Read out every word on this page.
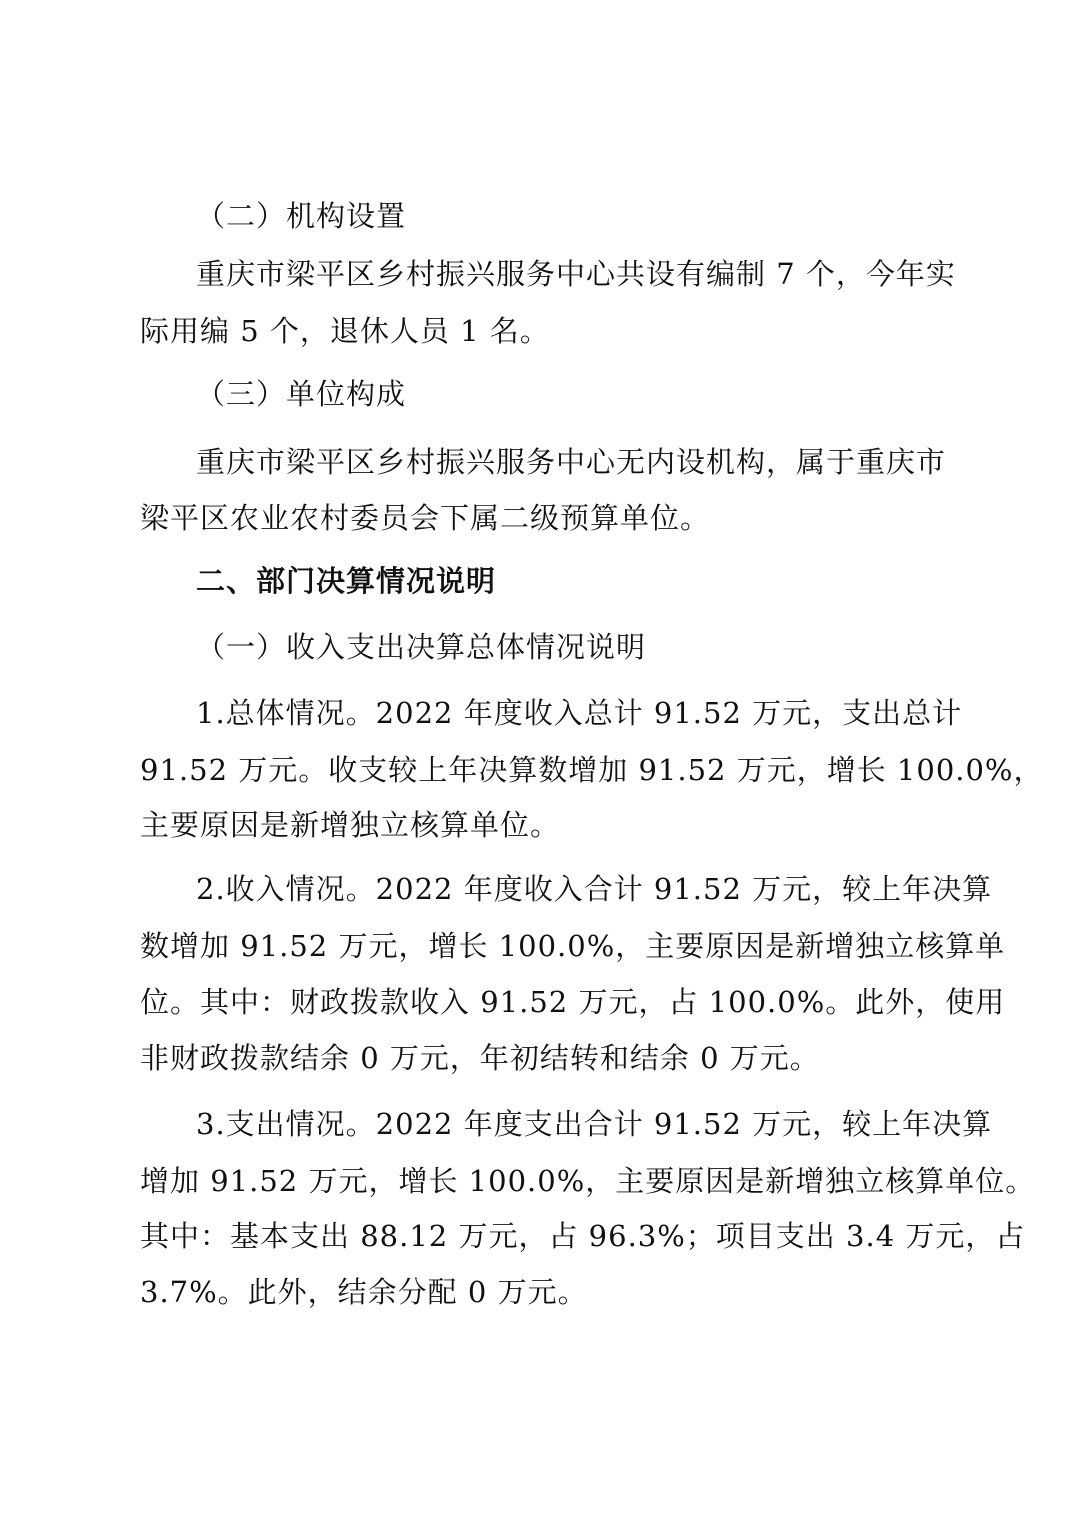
（二）机构设置

重庆市梁平区乡村振兴服务中心共设有编制 7 个，今年实

际用编 5 个，退休人员 1 名。

（三）单位构成

重庆市梁平区乡村振兴服务中心无内设机构，属于重庆市

梁平区农业农村委员会下属二级预算单位。

二、部门决算情况说明

（一）收入支出决算总体情况说明

1.总体情况。2022 年度收入总计 91.52 万元，支出总计

91.52 万元。收支较上年决算数增加 91.52 万元，增长 100.0%，

主要原因是新增独立核算单位。

2.收入情况。2022 年度收入合计 91.52 万元，较上年决算

数增加 91.52 万元，增长 100.0%，主要原因是新增独立核算单

位。其中：财政拨款收入 91.52 万元，占 100.0%。此外，使用

非财政拨款结余 0 万元，年初结转和结余 0 万元。

3.支出情况。2022 年度支出合计 91.52 万元，较上年决算

增加 91.52 万元，增长 100.0%，主要原因是新增独立核算单位。

其中：基本支出 88.12 万元，占 96.3%；项目支出 3.4 万元，占

3.7%。此外，结余分配 0 万元。
